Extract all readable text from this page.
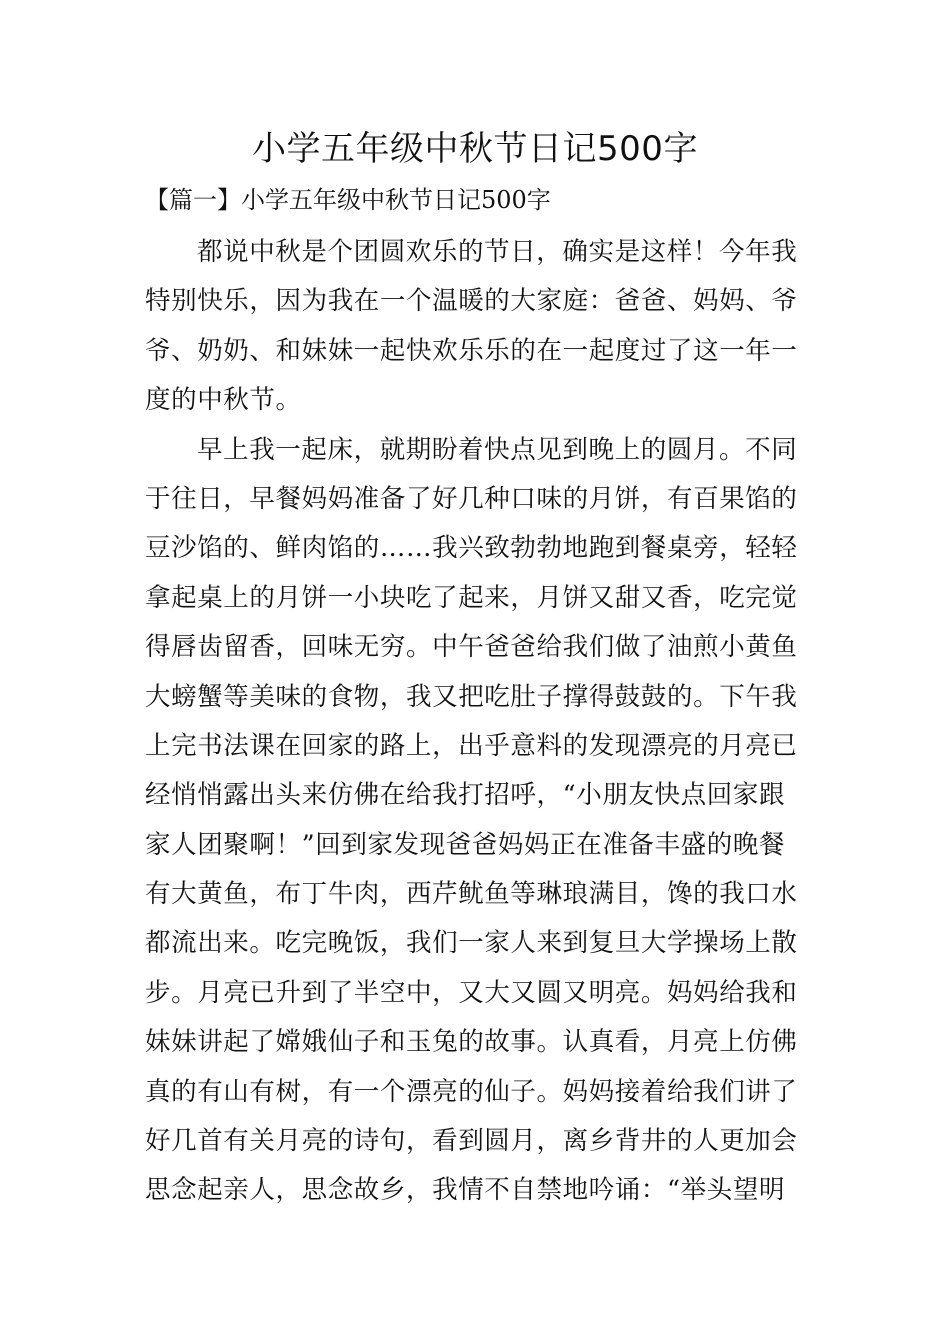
小学五年级中秋节日记500字
【篇一】小学五年级中秋节日记500字
都说中秋是个团圆欢乐的节日，确实是这样！今年我
特别快乐，因为我在一个温暖的大家庭：爸爸、妈妈、爷
爷、奶奶、和妹妹一起快欢乐乐的在一起度过了这一年一
度的中秋节。
早上我一起床，就期盼着快点见到晚上的圆月。不同
于往日，早餐妈妈准备了好几种口味的月饼，有百果馅的
豆沙馅的、鲜肉馅的……我兴致勃勃地跑到餐桌旁，轻轻
拿起桌上的月饼一小块吃了起来，月饼又甜又香，吃完觉
得唇齿留香，回味无穷。中午爸爸给我们做了油煎小黄鱼
大螃蟹等美味的食物，我又把吃肚子撑得鼓鼓的。下午我
上完书法课在回家的路上，出乎意料的发现漂亮的月亮已
经悄悄露出头来仿佛在给我打招呼，“小朋友快点回家跟
家人团聚啊！”回到家发现爸爸妈妈正在准备丰盛的晚餐
有大黄鱼，布丁牛肉，西芹鱿鱼等琳琅满目，馋的我口水
都流出来。吃完晚饭，我们一家人来到复旦大学操场上散
步。月亮已升到了半空中，又大又圆又明亮。妈妈给我和
妹妹讲起了嫦娥仙子和玉兔的故事。认真看，月亮上仿佛
真的有山有树，有一个漂亮的仙子。妈妈接着给我们讲了
好几首有关月亮的诗句，看到圆月，离乡背井的人更加会
思念起亲人，思念故乡，我情不自禁地吟诵：“举头望明
